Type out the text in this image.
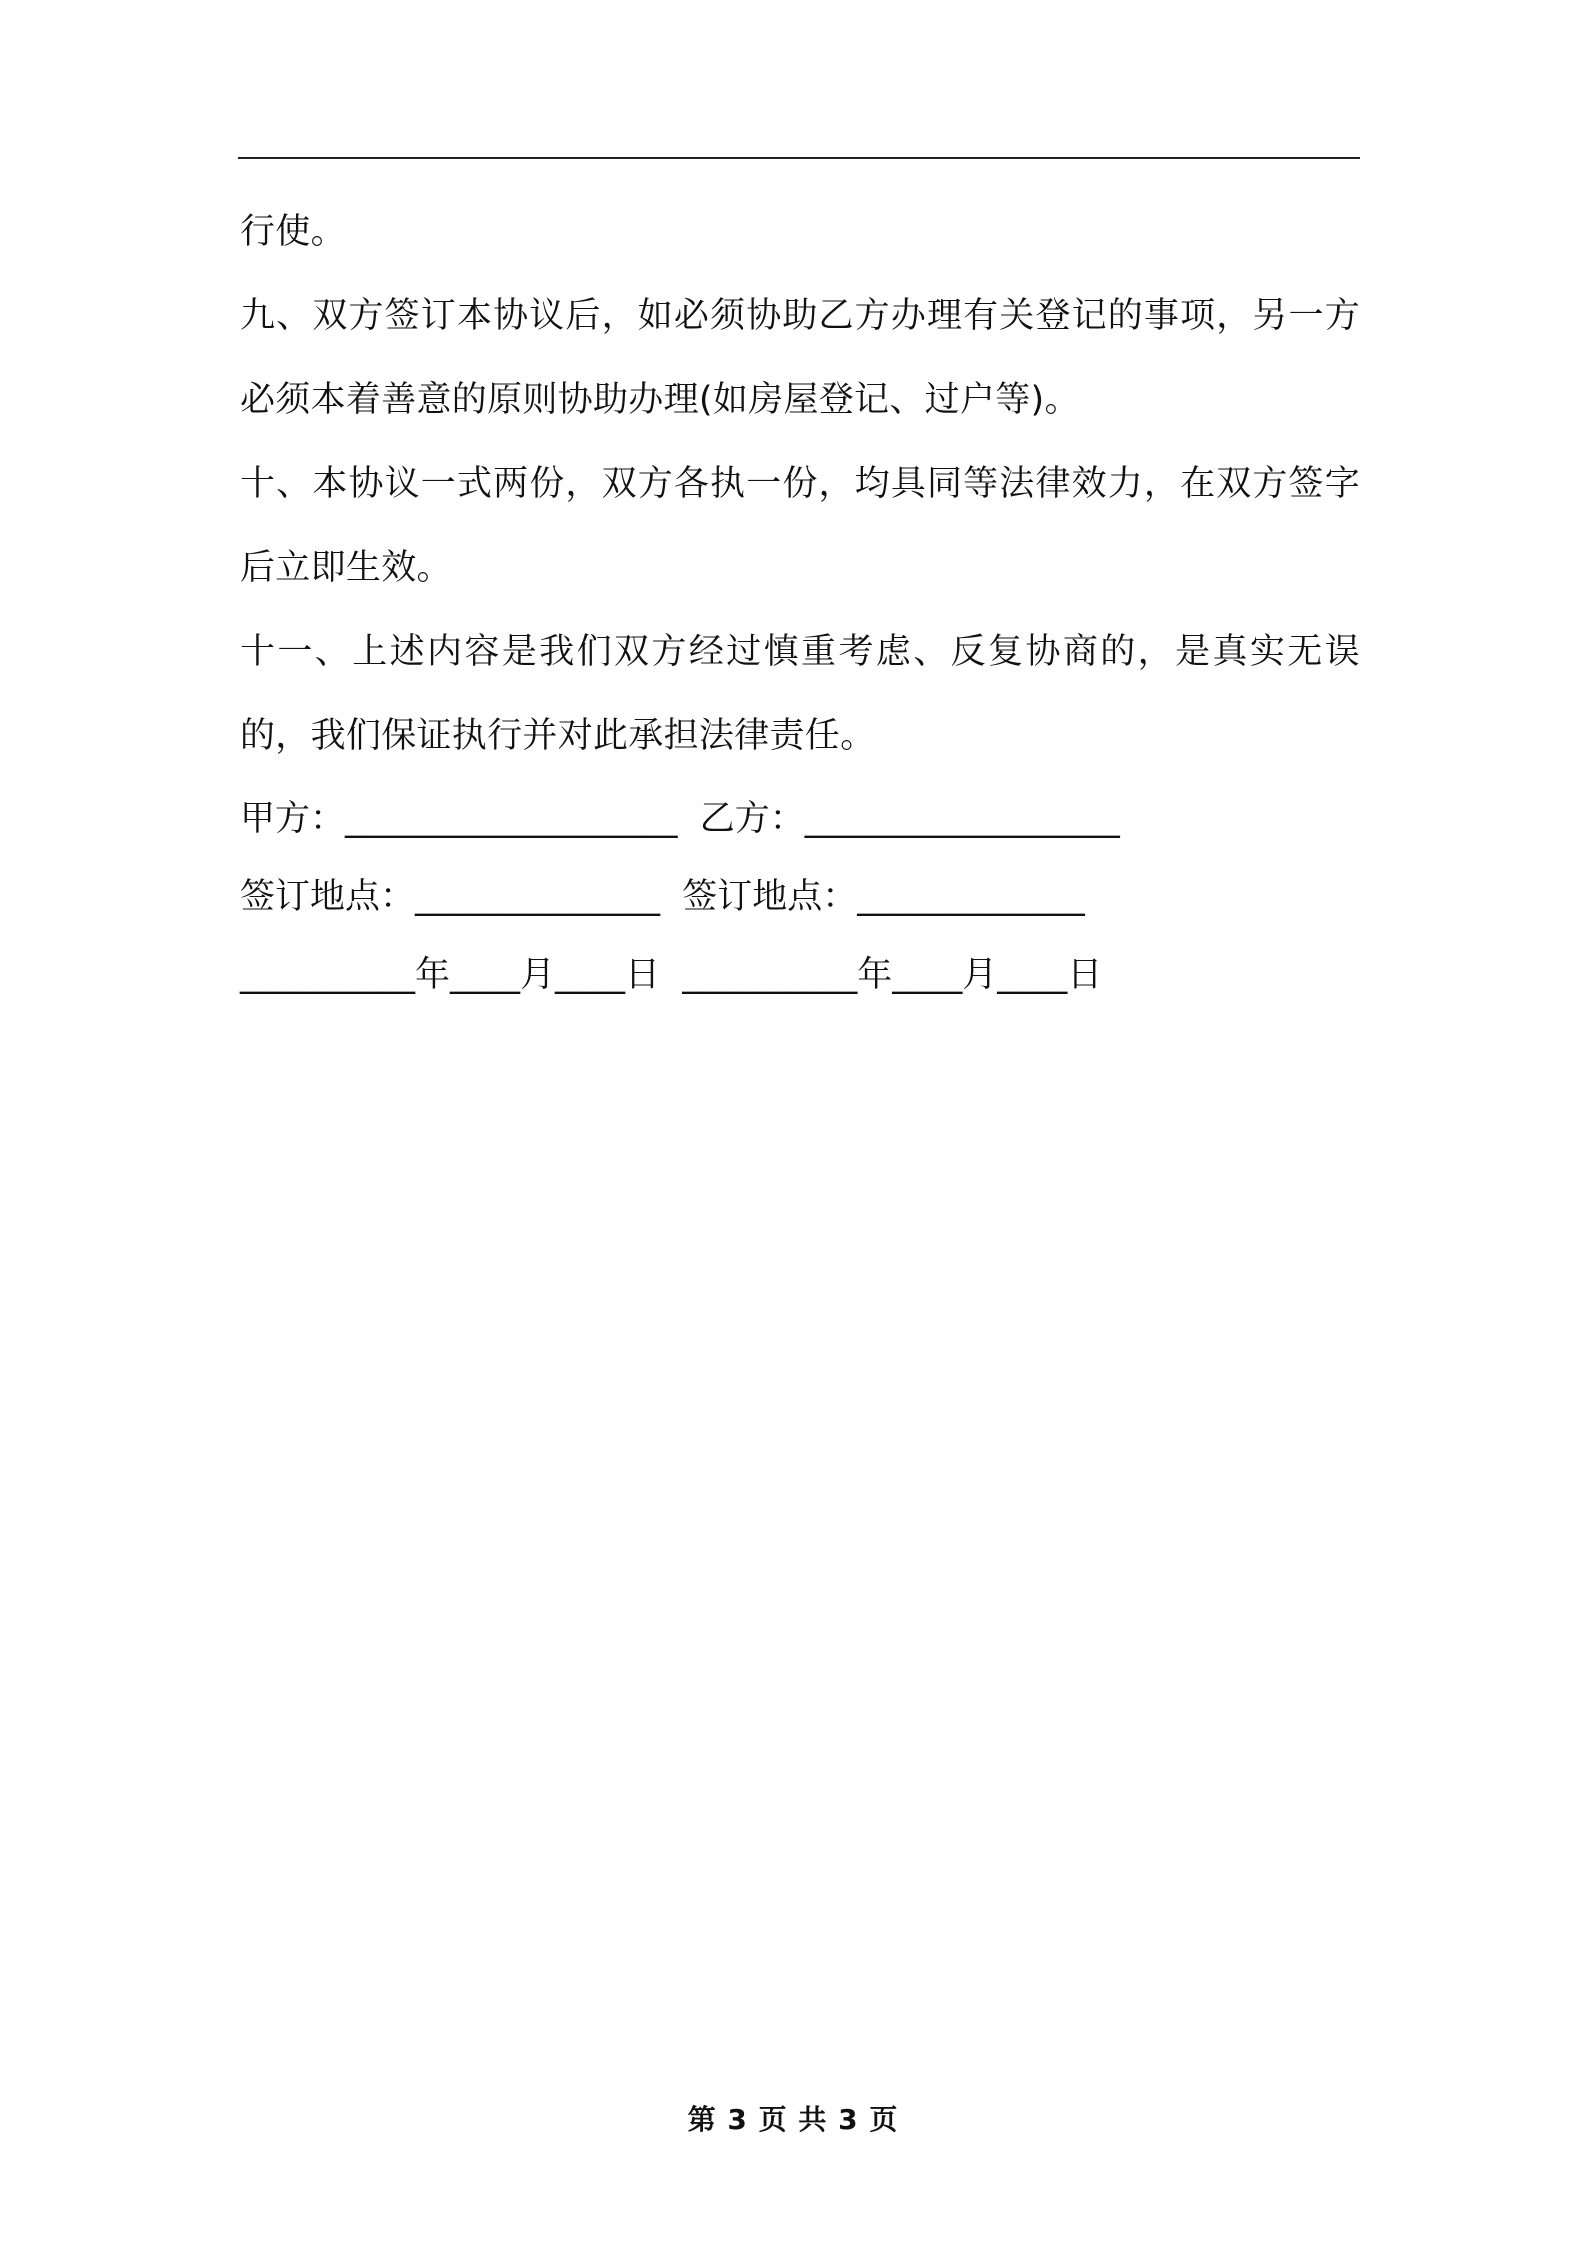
行使。

九、双方签订本协议后，如必须协助乙方办理有关登记的事项，另一方必须本着善意的原则协助办理(如房屋登记、过户等)。

十、本协议一式两份，双方各执一份，均具同等法律效力，在双方签字后立即生效。

十一、上述内容是我们双方经过慎重考虑、反复协商的，是真实无误的，我们保证执行并对此承担法律责任。

甲方：___________________  乙方：__________________
签订地点：______________  签订地点：_____________
__________年____月____日  __________年____月____日
第 3 页 共 3 页
